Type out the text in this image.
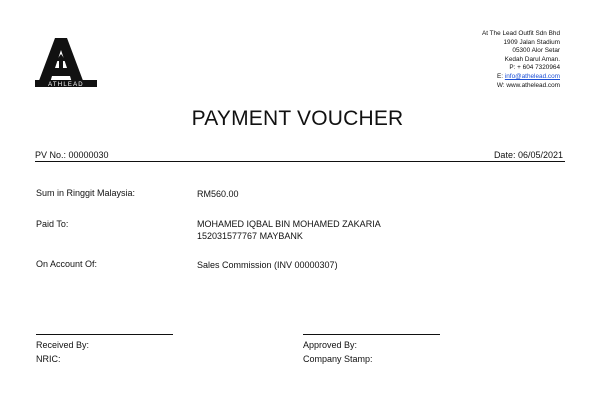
ATHLEAD
At The Lead Outfit Sdn Bhd
1909 Jalan Stadium
05300 Alor Setar
Kedah Darul Aman.
P: + 604 7320964
E: info@athelead.com
W: www.athelead.com
PAYMENT VOUCHER
PV No.: 00000030	Date: 06/05/2021
Sum in Ringgit Malaysia:	RM560.00
Paid To:	MOHAMED IQBAL BIN MOHAMED ZAKARIA
152031577767 MAYBANK
On Account Of:	Sales Commission (INV 00000307)
Received By:
NRIC:
Approved By:
Company Stamp:
